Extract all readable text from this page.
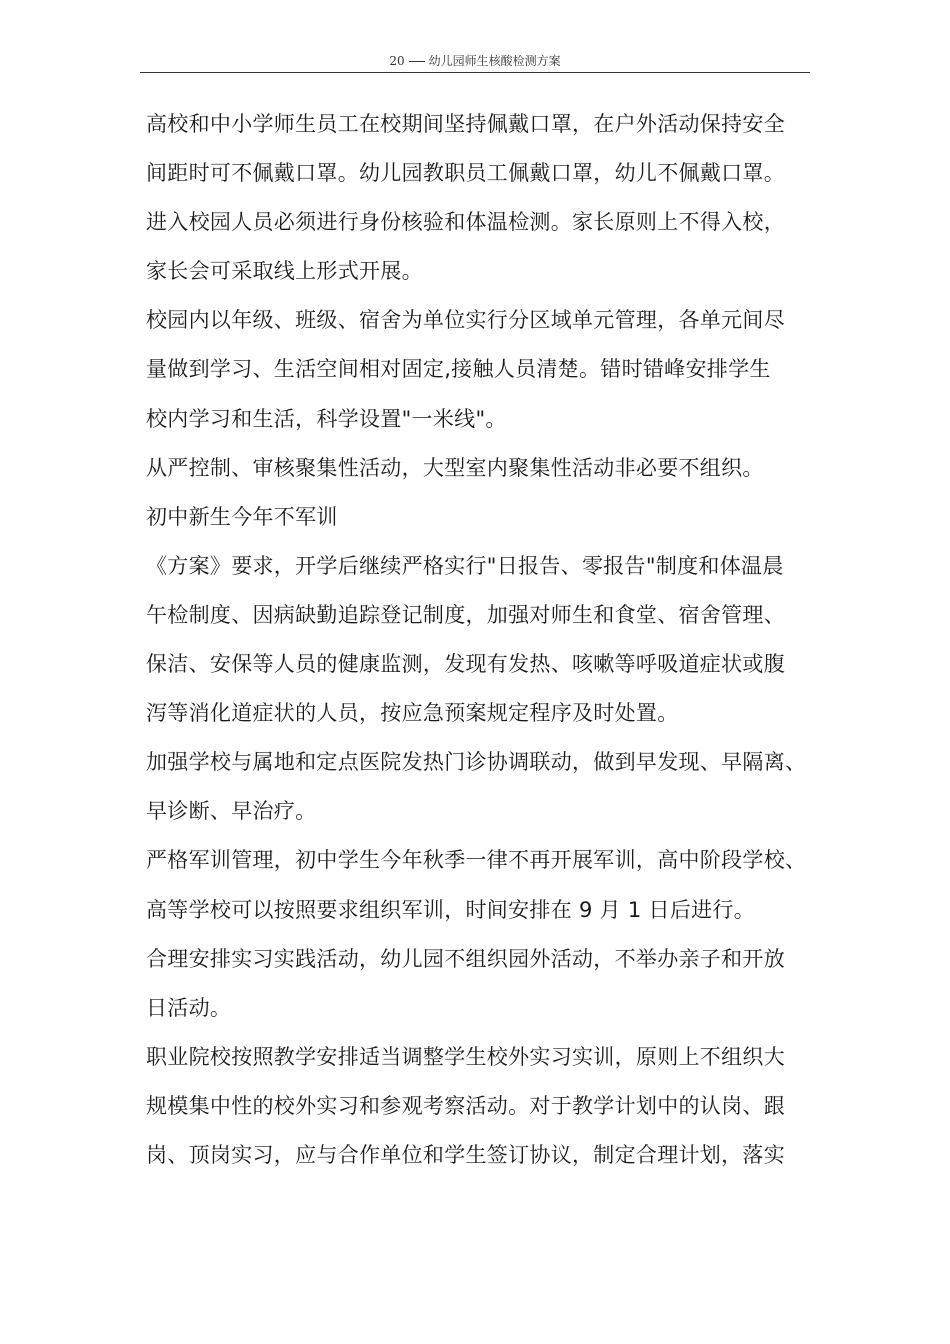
20 幼儿园师生核酸检测方案
高校和中小学师生员工在校期间坚持佩戴口罩，在户外活动保持安全
间距时可不佩戴口罩。幼儿园教职员工佩戴口罩，幼儿不佩戴口罩。
进入校园人员必须进行身份核验和体温检测。家长原则上不得入校，
家长会可采取线上形式开展。
校园内以年级、班级、宿舍为单位实行分区域单元管理，各单元间尽
量做到学习、生活空间相对固定,接触人员清楚。错时错峰安排学生
校内学习和生活，科学设置"一米线"。
从严控制、审核聚集性活动，大型室内聚集性活动非必要不组织。
初中新生今年不军训
《方案》要求，开学后继续严格实行"日报告、零报告"制度和体温晨
午检制度、因病缺勤追踪登记制度，加强对师生和食堂、宿舍管理、
保洁、安保等人员的健康监测，发现有发热、咳嗽等呼吸道症状或腹
泻等消化道症状的人员，按应急预案规定程序及时处置。
加强学校与属地和定点医院发热门诊协调联动，做到早发现、早隔离、
早诊断、早治疗。
严格军训管理，初中学生今年秋季一律不再开展军训，高中阶段学校、
高等学校可以按照要求组织军训，时间安排在 9 月 1 日后进行。
合理安排实习实践活动，幼儿园不组织园外活动，不举办亲子和开放
日活动。
职业院校按照教学安排适当调整学生校外实习实训，原则上不组织大
规模集中性的校外实习和参观考察活动。对于教学计划中的认岗、跟
岗、顶岗实习，应与合作单位和学生签订协议，制定合理计划，落实
